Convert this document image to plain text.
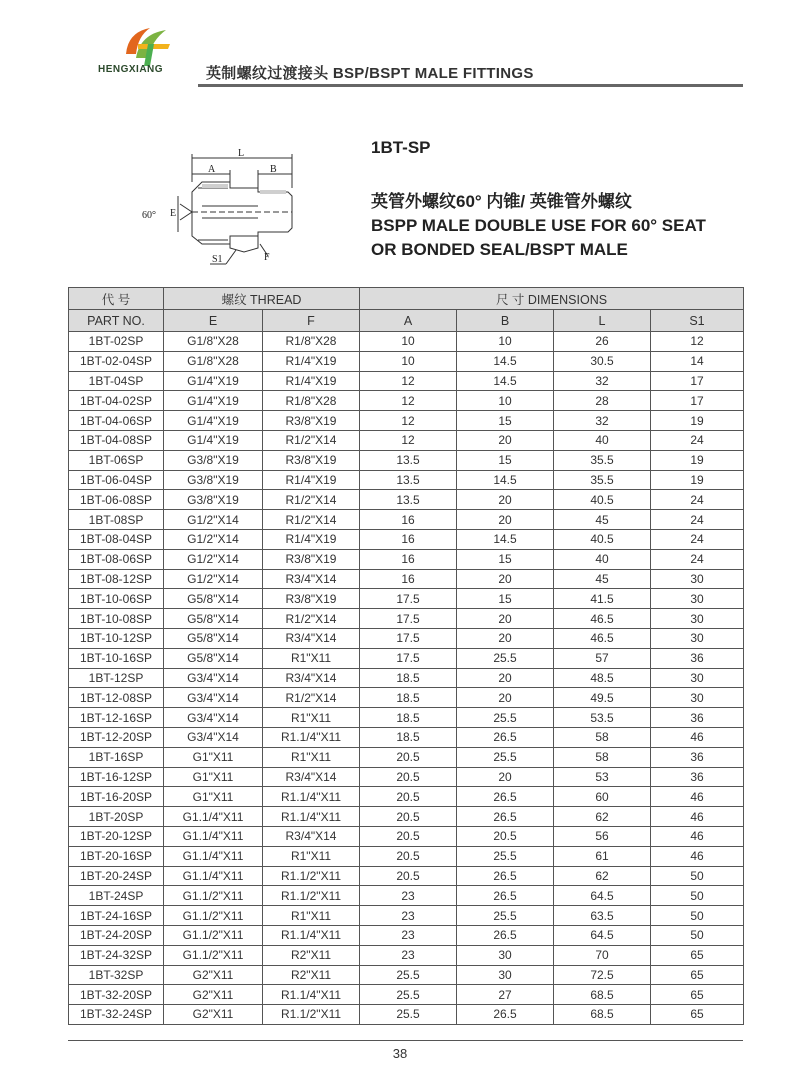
HENGXIANG	英制螺纹过渡接头 BSP/BSPT MALE FITTINGS
L
A	B
E
60°
S1	F
1BT-SP
英管外螺纹60° 内锥/ 英锥管外螺纹
BSPP MALE DOUBLE USE FOR 60° SEAT
OR BONDED SEAL/BSPT MALE
代 号	螺纹 THREAD		尺 寸 DIMENSIONS			
PART NO.	E	F	A	B	L	S1
1BT-02SP	G1/8"X28	R1/8"X28	10	10	26	12
1BT-02-04SP	G1/8"X28	R1/4"X19	10	14.5	30.5	14
1BT-04SP	G1/4"X19	R1/4"X19	12	14.5	32	17
1BT-04-02SP	G1/4"X19	R1/8"X28	12	10	28	17
1BT-04-06SP	G1/4"X19	R3/8"X19	12	15	32	19
1BT-04-08SP	G1/4"X19	R1/2"X14	12	20	40	24
1BT-06SP	G3/8"X19	R3/8"X19	13.5	15	35.5	19
1BT-06-04SP	G3/8"X19	R1/4"X19	13.5	14.5	35.5	19
1BT-06-08SP	G3/8"X19	R1/2"X14	13.5	20	40.5	24
1BT-08SP	G1/2"X14	R1/2"X14	16	20	45	24
1BT-08-04SP	G1/2"X14	R1/4"X19	16	14.5	40.5	24
1BT-08-06SP	G1/2"X14	R3/8"X19	16	15	40	24
1BT-08-12SP	G1/2"X14	R3/4"X14	16	20	45	30
1BT-10-06SP	G5/8"X14	R3/8"X19	17.5	15	41.5	30
1BT-10-08SP	G5/8"X14	R1/2"X14	17.5	20	46.5	30
1BT-10-12SP	G5/8"X14	R3/4"X14	17.5	20	46.5	30
1BT-10-16SP	G5/8"X14	R1"X11	17.5	25.5	57	36
1BT-12SP	G3/4"X14	R3/4"X14	18.5	20	48.5	30
1BT-12-08SP	G3/4"X14	R1/2"X14	18.5	20	49.5	30
1BT-12-16SP	G3/4"X14	R1"X11	18.5	25.5	53.5	36
1BT-12-20SP	G3/4"X14	R1.1/4"X11	18.5	26.5	58	46
1BT-16SP	G1"X11	R1"X11	20.5	25.5	58	36
1BT-16-12SP	G1"X11	R3/4"X14	20.5	20	53	36
1BT-16-20SP	G1"X11	R1.1/4"X11	20.5	26.5	60	46
1BT-20SP	G1.1/4"X11	R1.1/4"X11	20.5	26.5	62	46
1BT-20-12SP	G1.1/4"X11	R3/4"X14	20.5	20.5	56	46
1BT-20-16SP	G1.1/4"X11	R1"X11	20.5	25.5	61	46
1BT-20-24SP	G1.1/4"X11	R1.1/2"X11	20.5	26.5	62	50
1BT-24SP	G1.1/2"X11	R1.1/2"X11	23	26.5	64.5	50
1BT-24-16SP	G1.1/2"X11	R1"X11	23	25.5	63.5	50
1BT-24-20SP	G1.1/2"X11	R1.1/4"X11	23	26.5	64.5	50
1BT-24-32SP	G1.1/2"X11	R2"X11	23	30	70	65
1BT-32SP	G2"X11	R2"X11	25.5	30	72.5	65
1BT-32-20SP	G2"X11	R1.1/4"X11	25.5	27	68.5	65
1BT-32-24SP	G2"X11	R1.1/2"X11	25.5	26.5	68.5	65
38
